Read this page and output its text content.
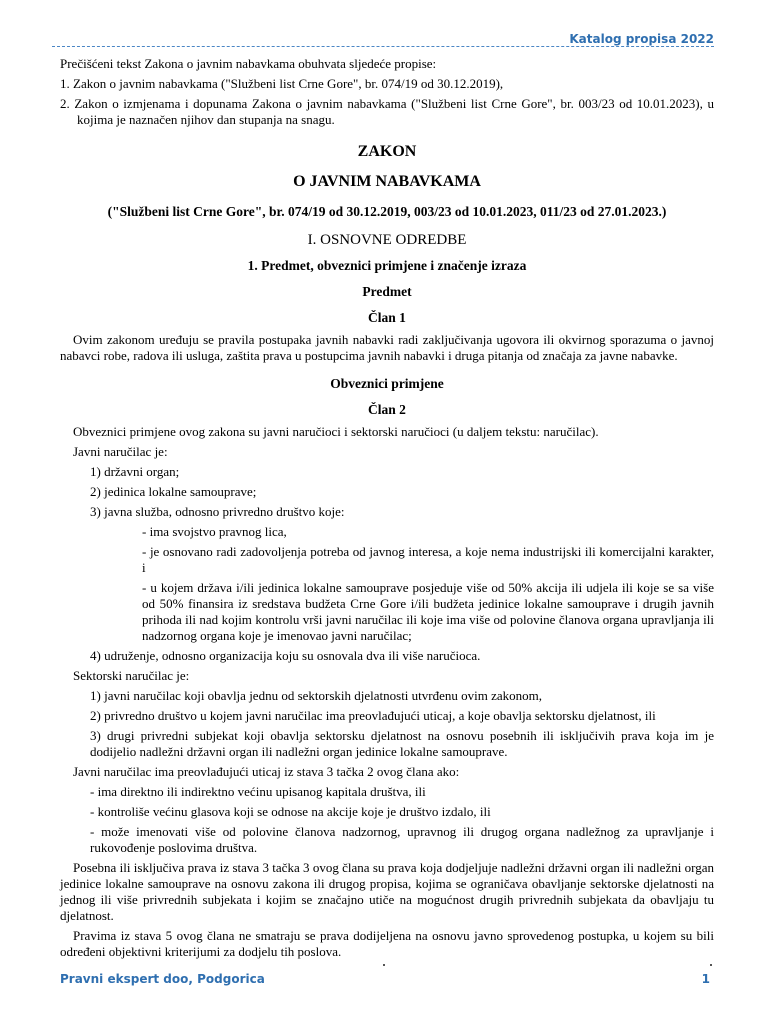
Katalog propisa 2022

Prečišćeni tekst Zakona o javnim nabavkama obuhvata sljedeće propise:

1. Zakon o javnim nabavkama ("Službeni list Crne Gore", br. 074/19 od 30.12.2019),

2. Zakon o izmjenama i dopunama Zakona o javnim nabavkama ("Službeni list Crne Gore", br. 003/23 od 10.01.2023), u kojima je naznačen njihov dan stupanja na snagu.

ZAKON
O JAVNIM NABAVKAMA
("Službeni list Crne Gore", br. 074/19 od 30.12.2019, 003/23 od 10.01.2023, 011/23 od 27.01.2023.)
I. OSNOVNE ODREDBE
1. Predmet, obveznici primjene i značenje izraza
Predmet
Član 1

Ovim zakonom uređuju se pravila postupaka javnih nabavki radi zaključivanja ugovora ili okvirnog sporazuma o javnoj nabavci robe, radova ili usluga, zaštita prava u postupcima javnih nabavki i druga pitanja od značaja za javne nabavke.

Obveznici primjene
Član 2

Obveznici primjene ovog zakona su javni naručioci i sektorski naručioci (u daljem tekstu: naručilac).

Javni naručilac je:

1) državni organ;

2) jedinica lokalne samouprave;

3) javna služba, odnosno privredno društvo koje:

- ima svojstvo pravnog lica,

- je osnovano radi zadovoljenja potreba od javnog interesa, a koje nema industrijski ili komercijalni karakter, i

- u kojem država i/ili jedinica lokalne samouprave posjeduje više od 50% akcija ili udjela ili koje se sa više od 50% finansira iz sredstava budžeta Crne Gore i/ili budžeta jedinice lokalne samouprave i drugih javnih prihoda ili nad kojim kontrolu vrši javni naručilac ili koje ima više od polovine članova organa upravljanja ili nadzornog organa koje je imenovao javni naručilac;

4) udruženje, odnosno organizacija koju su osnovala dva ili više naručioca.

Sektorski naručilac je:

1) javni naručilac koji obavlja jednu od sektorskih djelatnosti utvrđenu ovim zakonom,

2) privredno društvo u kojem javni naručilac ima preovlađujući uticaj, a koje obavlja sektorsku djelatnost, ili

3) drugi privredni subjekat koji obavlja sektorsku djelatnost na osnovu posebnih ili isključivih prava koja im je dodijelio nadležni državni organ ili nadležni organ jedinice lokalne samouprave.

Javni naručilac ima preovlađujući uticaj iz stava 3 tačka 2 ovog člana ako:

- ima direktno ili indirektno većinu upisanog kapitala društva, ili

- kontroliše većinu glasova koji se odnose na akcije koje je društvo izdalo, ili

- može imenovati više od polovine članova nadzornog, upravnog ili drugog organa nadležnog za upravljanje i rukovođenje poslovima društva.

Posebna ili isključiva prava iz stava 3 tačka 3 ovog člana su prava koja dodjeljuje nadležni državni organ ili nadležni organ jedinice lokalne samouprave na osnovu zakona ili drugog propisa, kojima se ograničava obavljanje sektorske djelatnosti na jednog ili više privrednih subjekata i kojim se značajno utiče na mogućnost drugih privrednih subjekata da obavljaju tu djelatnost.

Pravima iz stava 5 ovog člana ne smatraju se prava dodijeljena na osnovu javno sprovedenog postupka, u kojem su bili određeni objektivni kriterijumi za dodjelu tih poslova.

Pravni ekspert doo, Podgorica	1
